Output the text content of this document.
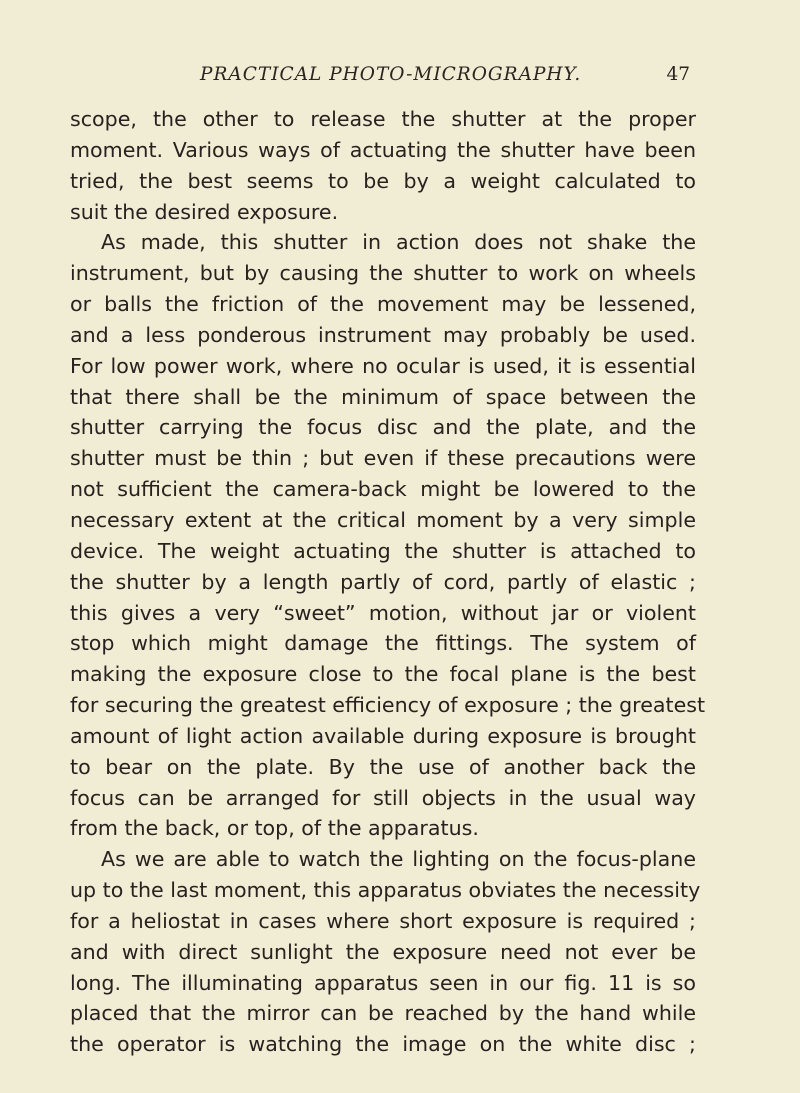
PRACTICAL PHOTO-MICROGRAPHY.	47
scope, the other to release the shutter at the proper
moment. Various ways of actuating the shutter have been
tried, the best seems to be by a weight calculated to
suit the desired exposure.
As made, this shutter in action does not shake the
instrument, but by causing the shutter to work on wheels
or balls the friction of the movement may be lessened,
and a less ponderous instrument may probably be used.
For low power work, where no ocular is used, it is essential
that there shall be the minimum of space between the
shutter carrying the focus disc and the plate, and the
shutter must be thin ; but even if these precautions were
not sufficient the camera-back might be lowered to the
necessary extent at the critical moment by a very simple
device. The weight actuating the shutter is attached to
the shutter by a length partly of cord, partly of elastic ;
this gives a very “sweet” motion, without jar or violent
stop which might damage the fittings. The system of
making the exposure close to the focal plane is the best
for securing the greatest efficiency of exposure ; the greatest
amount of light action available during exposure is brought
to bear on the plate. By the use of another back the
focus can be arranged for still objects in the usual way
from the back, or top, of the apparatus.
As we are able to watch the lighting on the focus-plane
up to the last moment, this apparatus obviates the necessity
for a heliostat in cases where short exposure is required ;
and with direct sunlight the exposure need not ever be
long. The illuminating apparatus seen in our fig. 11 is so
placed that the mirror can be reached by the hand while
the operator is watching the image on the white disc ;
